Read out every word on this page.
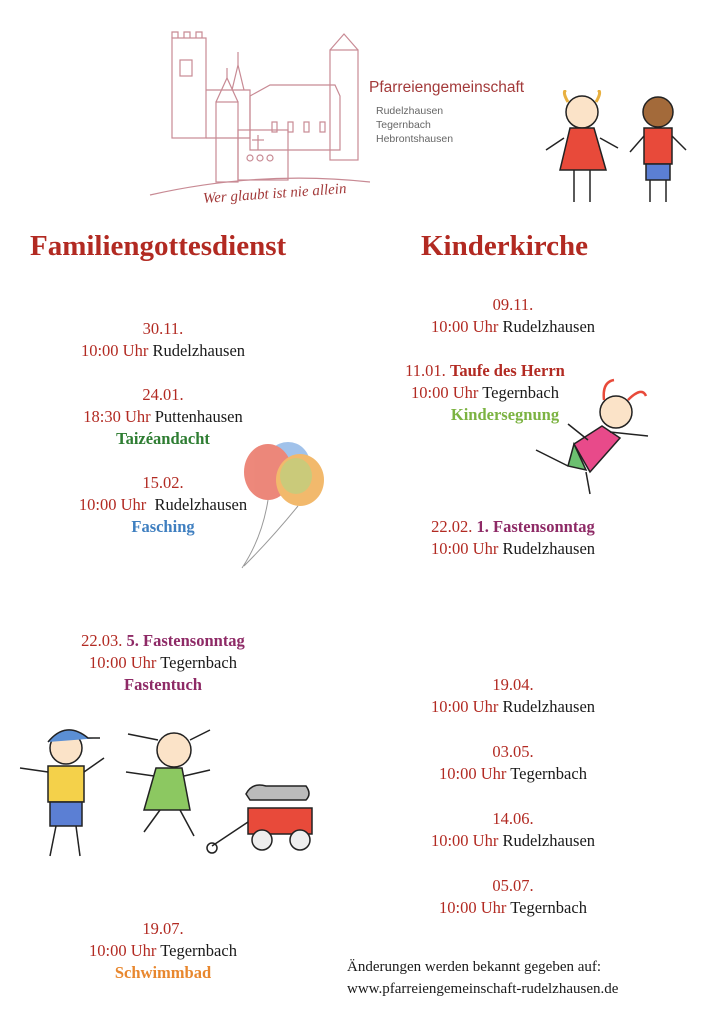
Pfarreiengemeinschaft
Rudelzhausen
Tegernbach
Hebrontshausen
Wer glaubt ist nie allein
Familiengottesdienst
30.11.
10:00 Uhr Rudelzhausen
24.01.
18:30 Uhr Puttenhausen
Taizéandacht
15.02.
10:00 Uhr Rudelzhausen
Fasching
22.03. 5. Fastensonntag
10:00 Uhr Tegernbach
Fastentuch
19.07.
10:00 Uhr Tegernbach
Schwimmbad
Kinderkirche
09.11.
10:00 Uhr Rudelzhausen
11.01. Taufe des Herrn
10:00 Uhr Tegernbach
Kindersegnung
22.02. 1. Fastensonntag
10:00 Uhr Rudelzhausen
19.04.
10:00 Uhr Rudelzhausen
03.05.
10:00 Uhr Tegernbach
14.06.
10:00 Uhr Rudelzhausen
05.07.
10:00 Uhr Tegernbach
Änderungen werden bekannt gegeben auf:
www.pfarreiengemeinschaft-rudelzhausen.de
